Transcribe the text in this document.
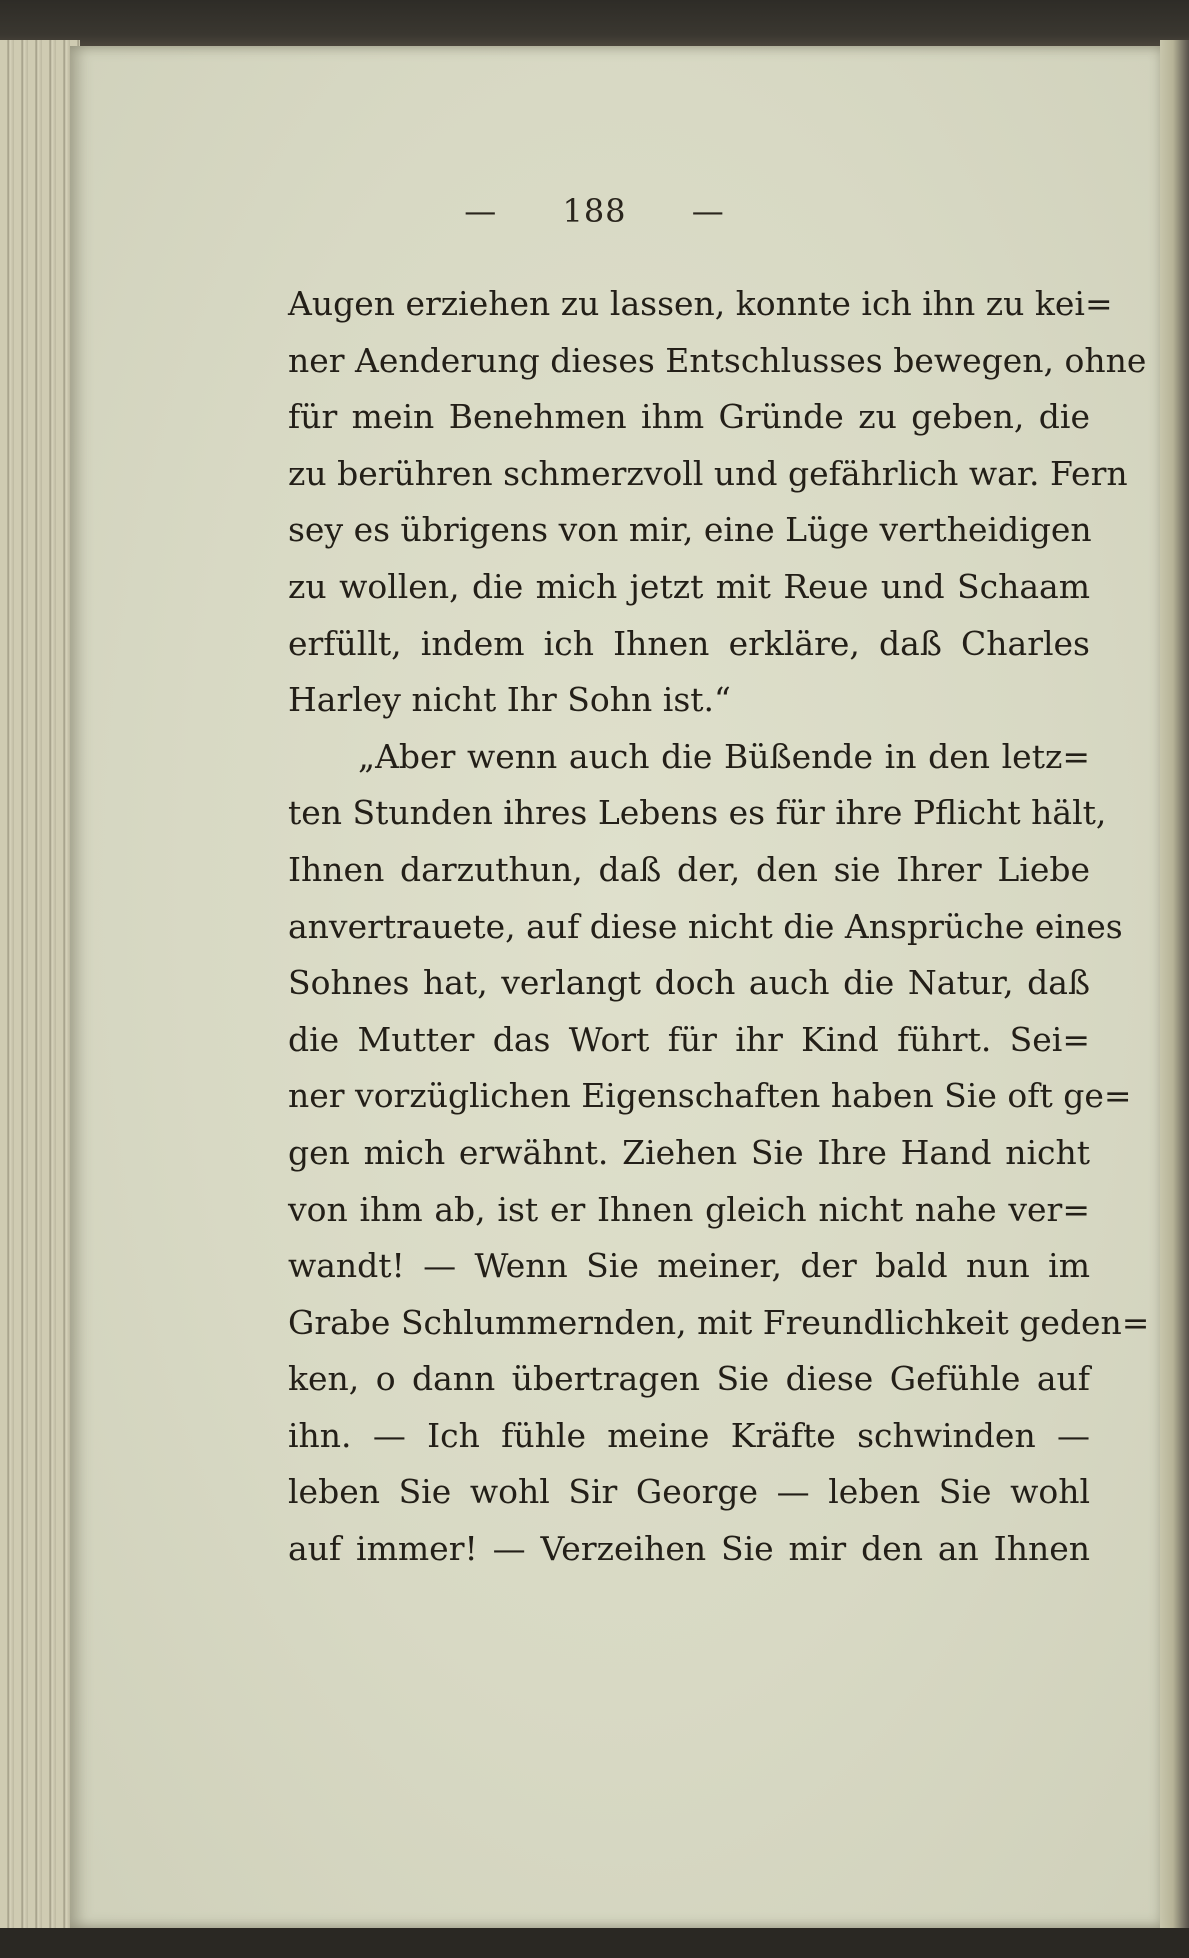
— 188 —
Augen erziehen zu lassen, konnte ich ihn zu kei=
ner Aenderung dieses Entschlusses bewegen, ohne
für mein Benehmen ihm Gründe zu geben, die
zu berühren schmerzvoll und gefährlich war. Fern
sey es übrigens von mir, eine Lüge vertheidigen
zu wollen, die mich jetzt mit Reue und Schaam
erfüllt, indem ich Ihnen erkläre, daß Charles
Harley nicht Ihr Sohn ist.“
„Aber wenn auch die Büßende in den letz=
ten Stunden ihres Lebens es für ihre Pflicht hält,
Ihnen darzuthun, daß der, den sie Ihrer Liebe
anvertrauete, auf diese nicht die Ansprüche eines
Sohnes hat, verlangt doch auch die Natur, daß
die Mutter das Wort für ihr Kind führt. Sei=
ner vorzüglichen Eigenschaften haben Sie oft ge=
gen mich erwähnt. Ziehen Sie Ihre Hand nicht
von ihm ab, ist er Ihnen gleich nicht nahe ver=
wandt! — Wenn Sie meiner, der bald nun im
Grabe Schlummernden, mit Freundlichkeit geden=
ken, o dann übertragen Sie diese Gefühle auf
ihn. — Ich fühle meine Kräfte schwinden —
leben Sie wohl Sir George — leben Sie wohl
auf immer! — Verzeihen Sie mir den an Ihnen
